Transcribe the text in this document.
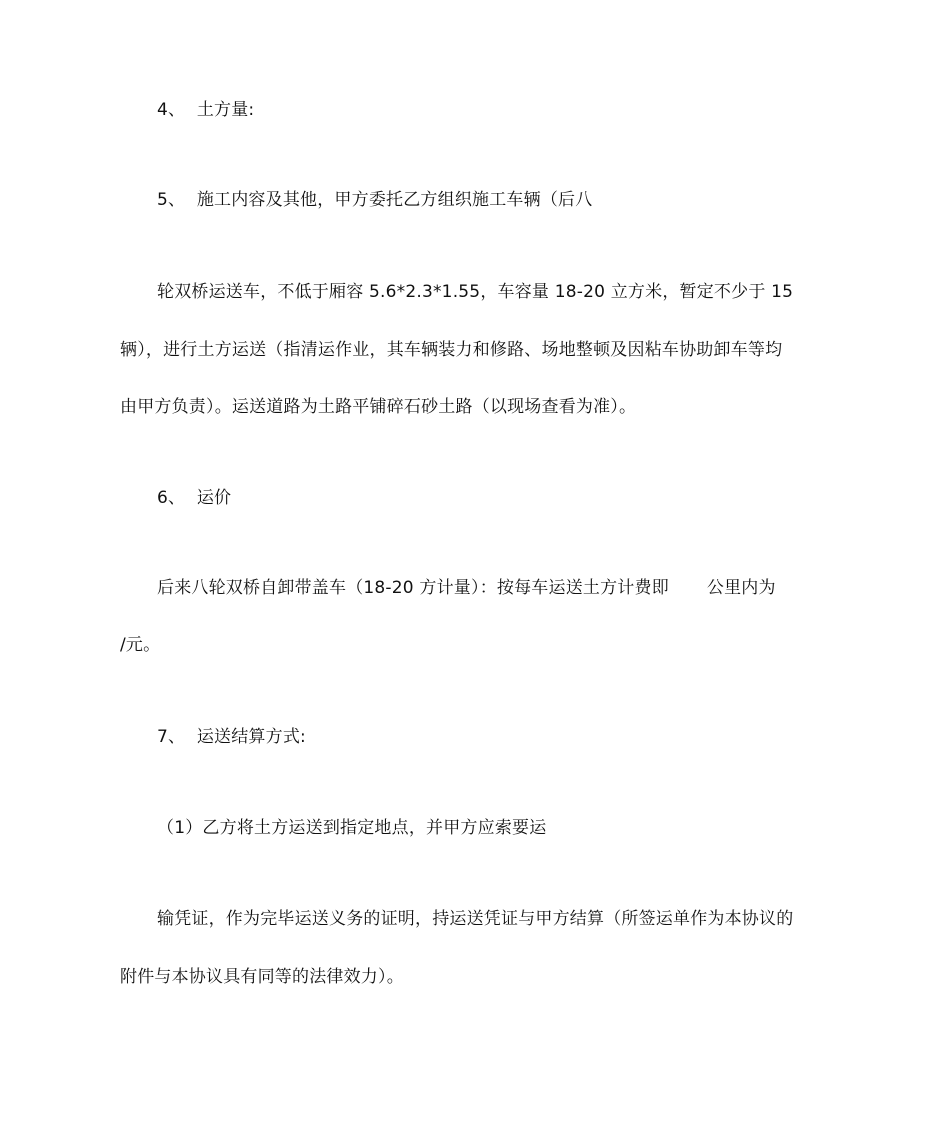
4、 土方量:
5、 施工内容及其他，甲方委托乙方组织施工车辆（后八
轮双桥运送车，不低于厢容 5.6*2.3*1.55，车容量 18-20 立方米，暂定不少于 15
辆），进行土方运送（指清运作业，其车辆装力和修路、场地整顿及因粘车协助卸车等均
由甲方负责）。运送道路为土路平铺碎石砂土路（以现场查看为准）。
6、 运价
后来八轮双桥自卸带盖车（18-20 方计量）：按每车运送土方计费即 公里内为
/元。
7、 运送结算方式:
（1）乙方将土方运送到指定地点，并甲方应索要运
输凭证，作为完毕运送义务的证明，持运送凭证与甲方结算（所签运单作为本协议的
附件与本协议具有同等的法律效力）。
